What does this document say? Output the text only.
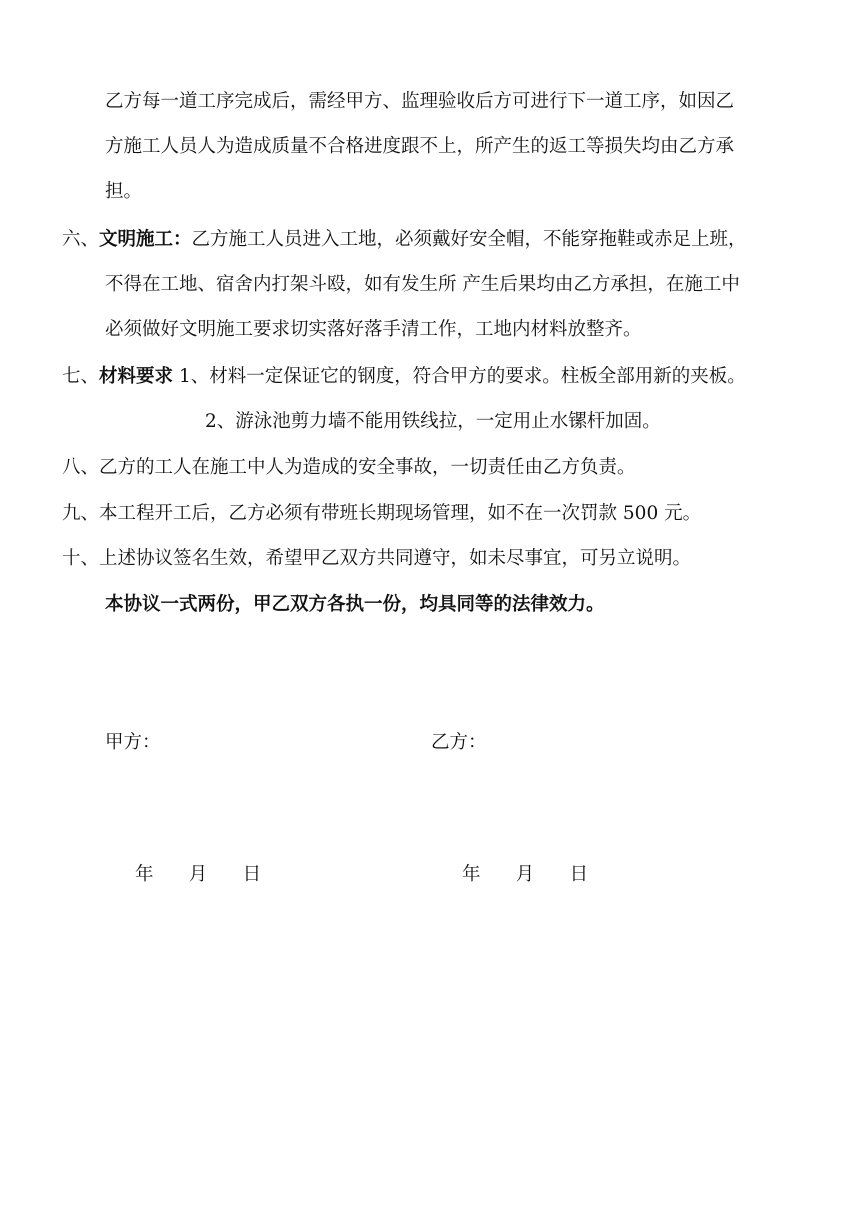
乙方每一道工序完成后，需经甲方、监理验收后方可进行下一道工序，如因乙
方施工人员人为造成质量不合格进度跟不上，所产生的返工等损失均由乙方承
担。
六、文明施工：乙方施工人员进入工地，必须戴好安全帽，不能穿拖鞋或赤足上班，
不得在工地、宿舍内打架斗殴，如有发生所 产生后果均由乙方承担，在施工中
必须做好文明施工要求切实落好落手清工作，工地内材料放整齐。
七、材料要求 1、材料一定保证它的钢度，符合甲方的要求。柱板全部用新的夹板。
2、游泳池剪力墙不能用铁线拉，一定用止水镙杆加固。
八、乙方的工人在施工中人为造成的安全事故，一切责任由乙方负责。
九、本工程开工后，乙方必须有带班长期现场管理，如不在一次罚款 500 元。
十、上述协议签名生效，希望甲乙双方共同遵守，如未尽事宜，可另立说明。
本协议一式两份，甲乙双方各执一份，均具同等的法律效力。
甲方：	乙方：
年      月      日	年      月      日
